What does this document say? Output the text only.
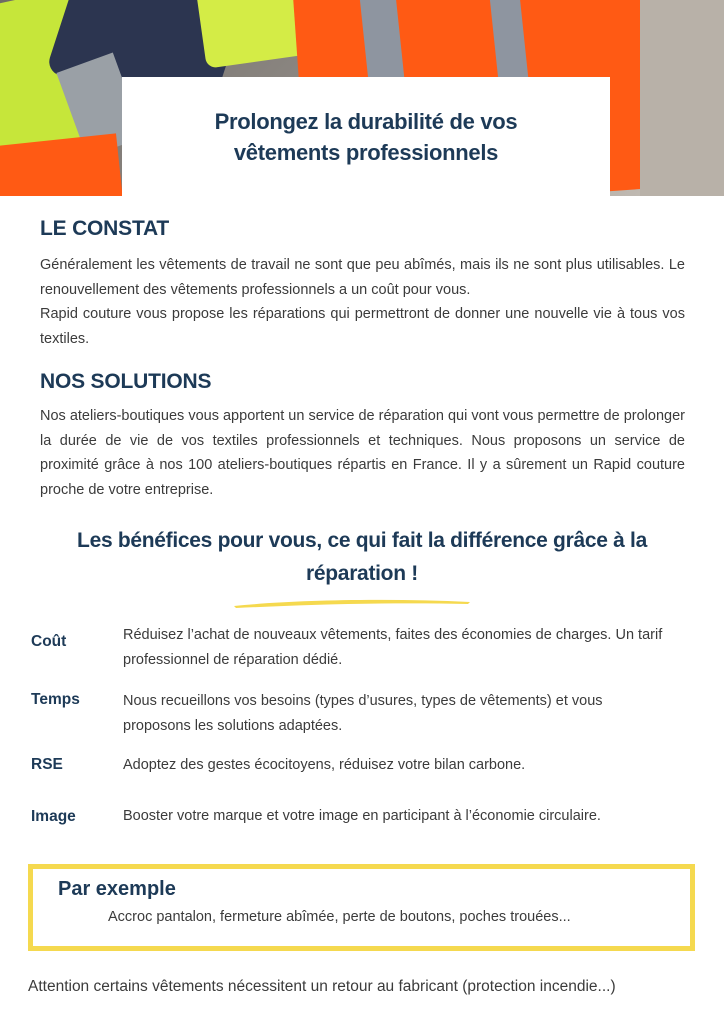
Prolongez la durabilité de vos vêtements professionnels
LE CONSTAT

Généralement les vêtements de travail ne sont que peu abîmés, mais ils ne sont plus utilisables. Le renouvellement des vêtements professionnels a un coût pour vous.

Rapid couture vous propose les réparations qui permettront de donner une nouvelle vie à tous vos textiles.

NOS SOLUTIONS

Nos ateliers-boutiques vous apportent un service de réparation qui vont vous permettre de prolonger la durée de vie de vos textiles professionnels et techniques. Nous proposons un service de proximité grâce à nos 100 ateliers-boutiques répartis en France. Il y a sûrement un Rapid couture proche de votre entreprise.

Les bénéfices pour vous, ce qui fait la différence grâce à la réparation !

Coût	Réduisez l’achat de nouveaux vêtements, faites des économies de charges. Un tarif professionnel de réparation dédié.

Temps	Nous recueillons vos besoins (types d’usures, types de vêtements) et vous proposons les solutions adaptées.

RSE	Adoptez des gestes écocitoyens, réduisez votre bilan carbone.

Image	Booster votre marque et votre image en participant à l’économie circulaire.

Par exemple

Accroc pantalon, fermeture abîmée, perte de boutons, poches trouées...

Attention certains vêtements nécessitent un retour au fabricant (protection incendie...)
